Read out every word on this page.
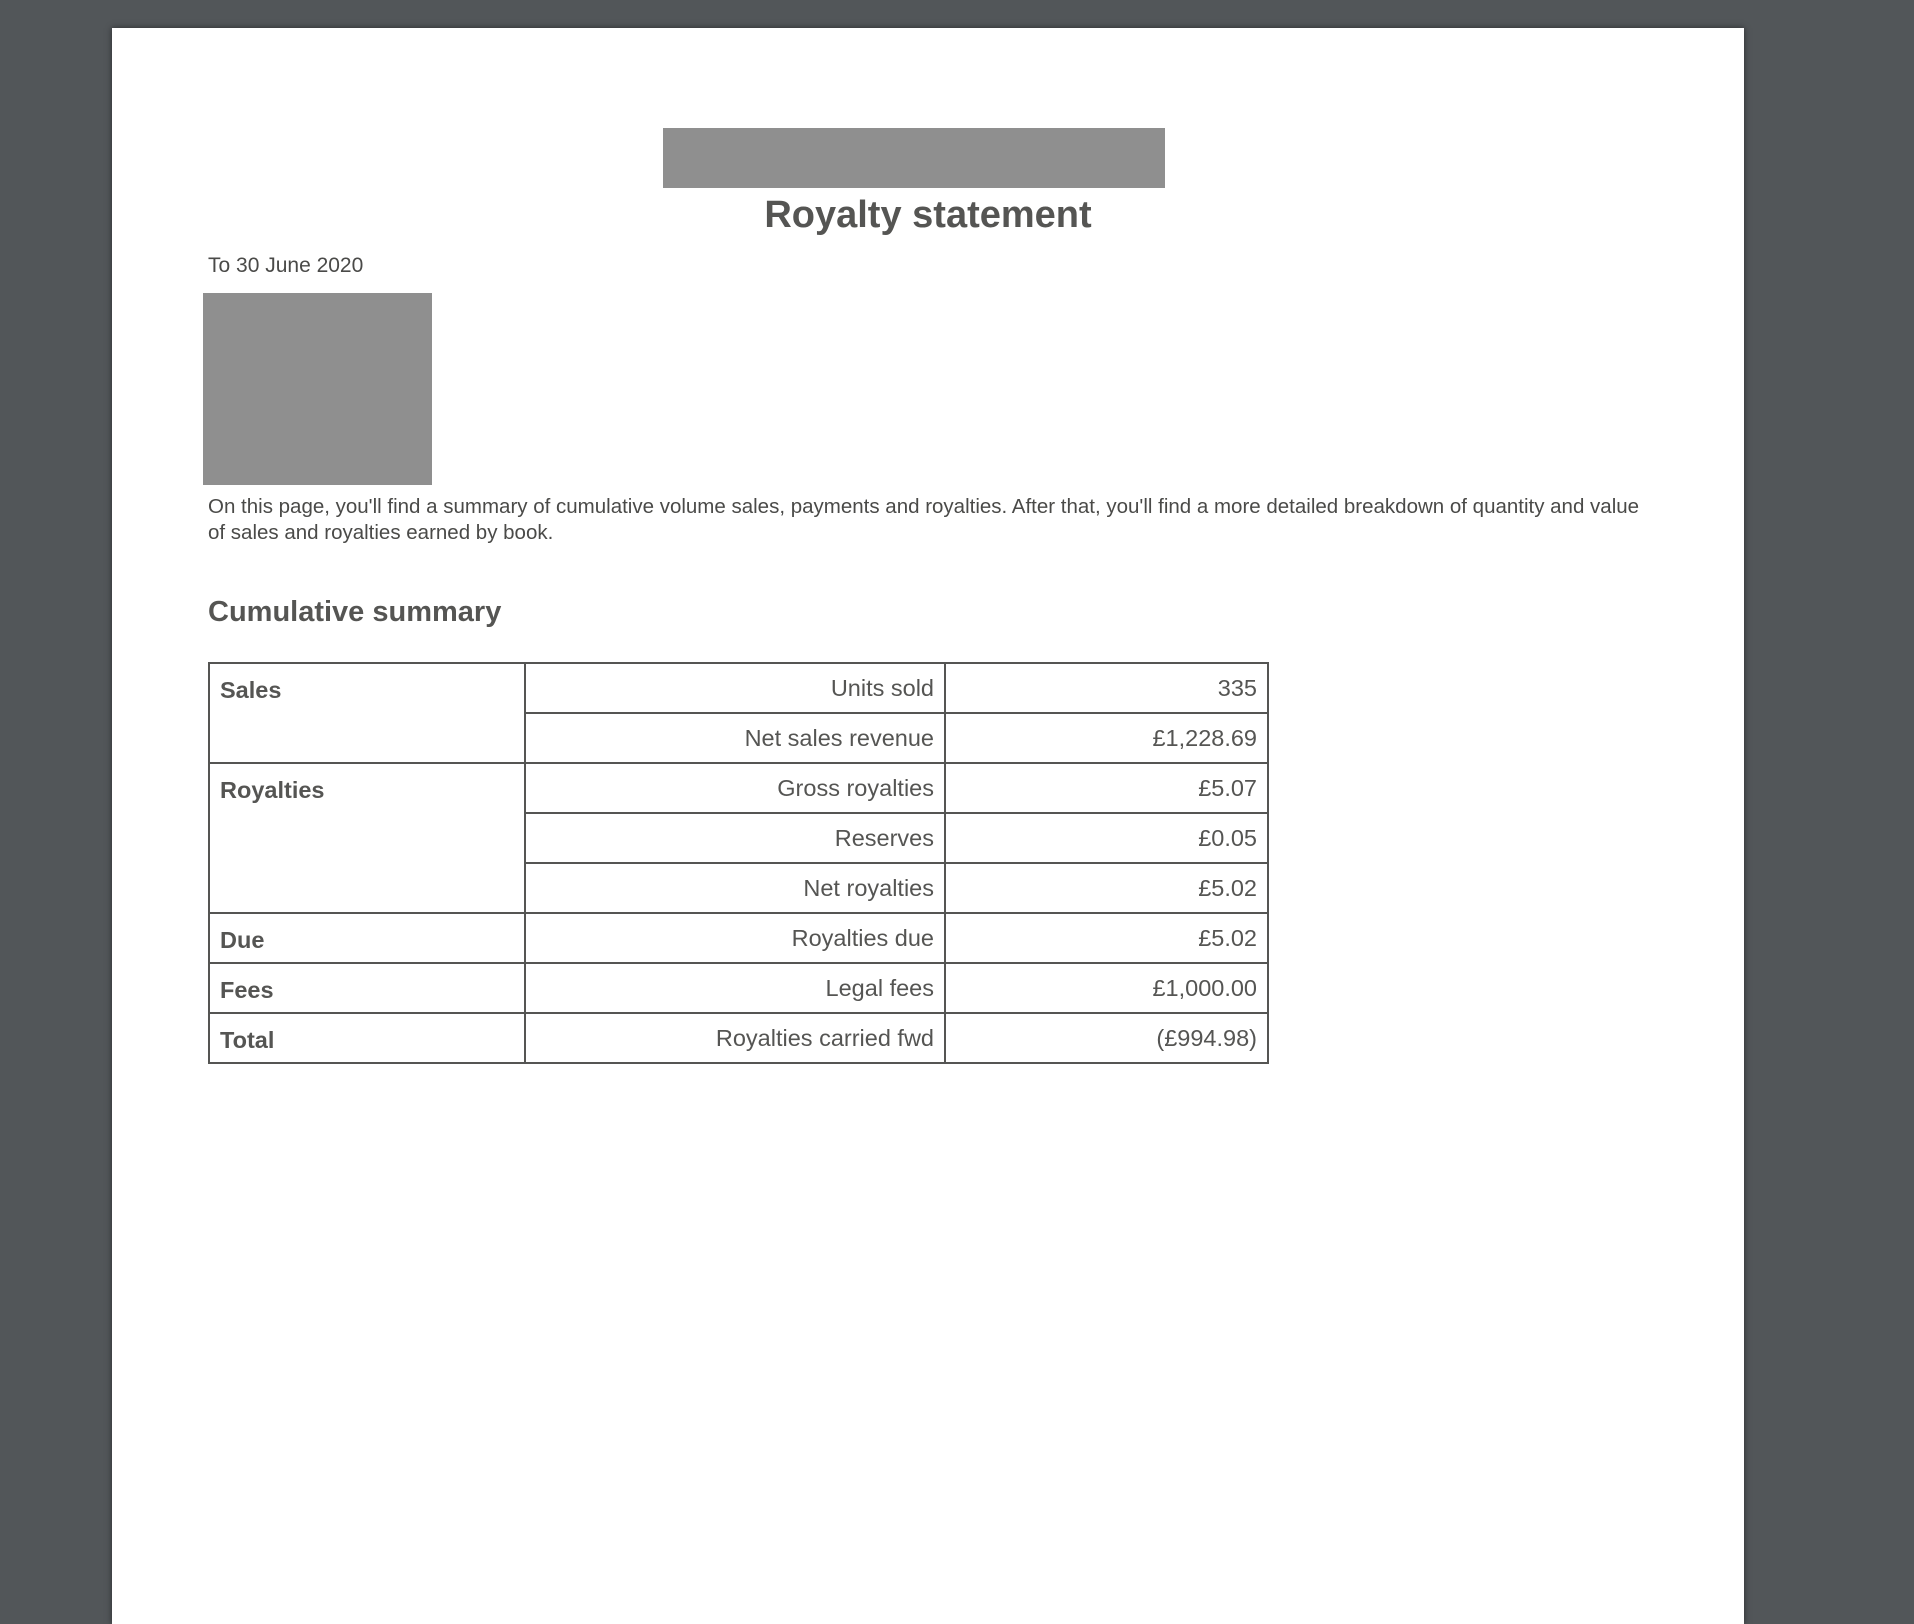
Royalty statement
To 30 June 2020

On this page, you'll find a summary of cumulative volume sales, payments and royalties. After that, you'll find a more detailed breakdown of quantity and value of sales and royalties earned by book.

Cumulative summary
Sales	Units sold	335
	Net sales revenue	£1,228.69
Royalties	Gross royalties	£5.07
	Reserves	£0.05
	Net royalties	£5.02
Due	Royalties due	£5.02
Fees	Legal fees	£1,000.00
Total	Royalties carried fwd	(£994.98)
